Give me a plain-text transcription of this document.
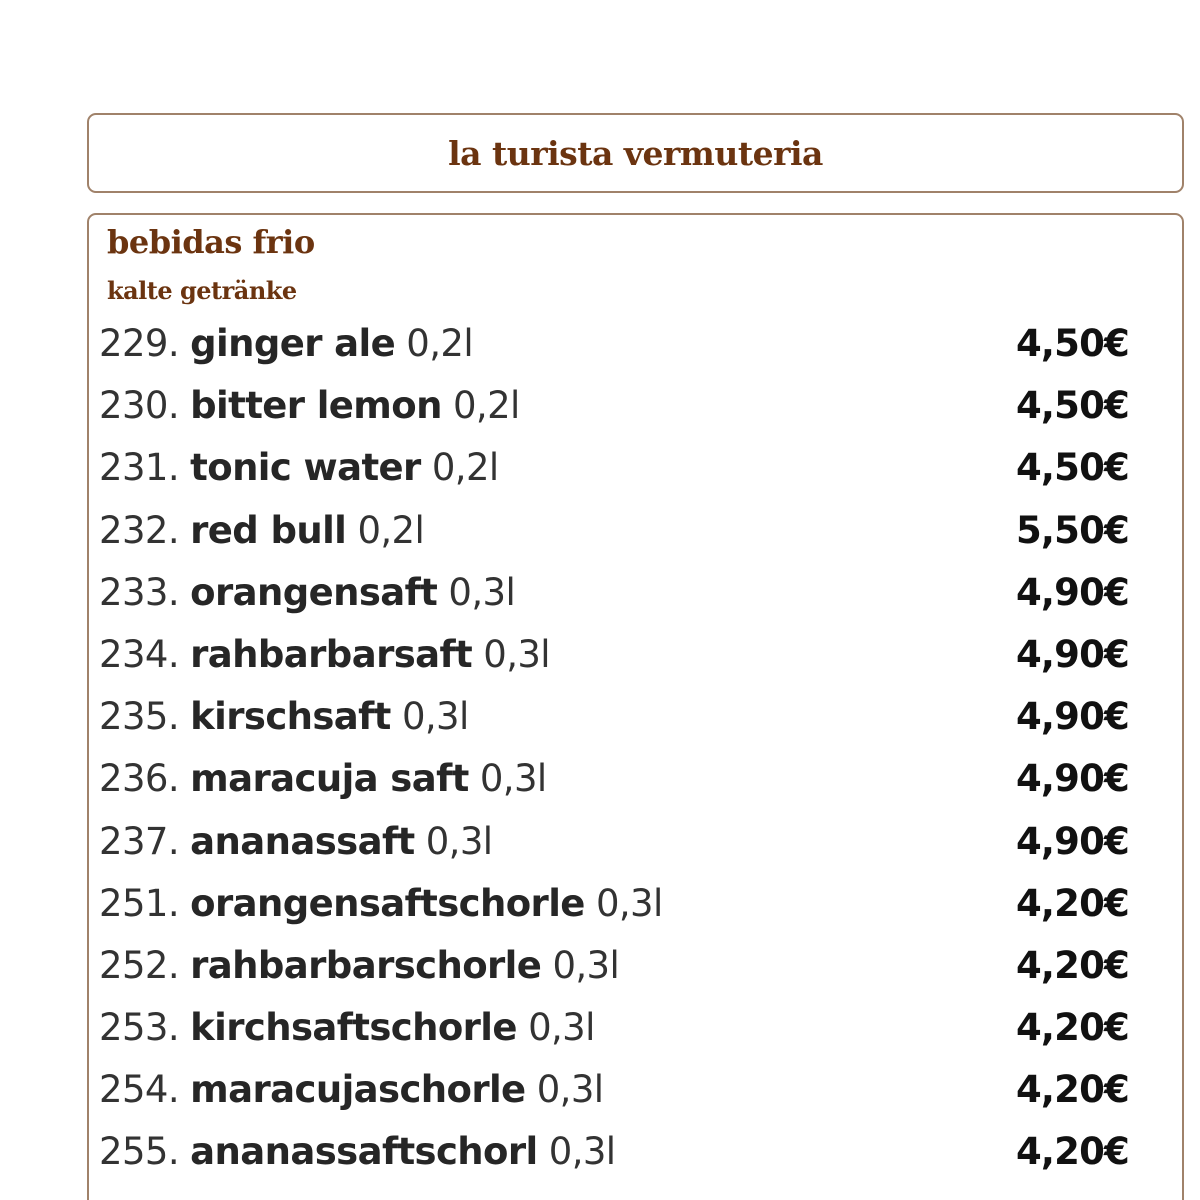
la turista vermuteria
bebidas frio
kalte getränke
229. ginger ale 0,2l	4,50€
230. bitter lemon 0,2l	4,50€
231. tonic water 0,2l	4,50€
232. red bull 0,2l	5,50€
233. orangensaft 0,3l	4,90€
234. rahbarbarsaft 0,3l	4,90€
235. kirschsaft 0,3l	4,90€
236. maracuja saft 0,3l	4,90€
237. ananassaft 0,3l	4,90€
251. orangensaftschorle 0,3l	4,20€
252. rahbarbarschorle 0,3l	4,20€
253. kirchsaftschorle 0,3l	4,20€
254. maracujaschorle 0,3l	4,20€
255. ananassaftschorl 0,3l	4,20€
